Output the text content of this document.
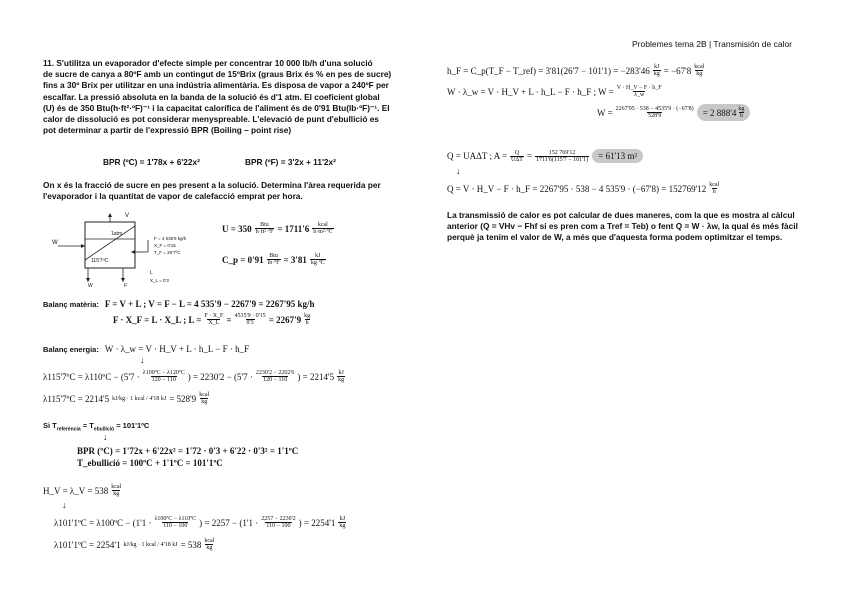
Problemes tema 2B | Transmisión de calor
11. S'utilitza un evaporador d'efecte simple per concentrar 10 000 lb/h d'una solució
de sucre de canya a 80ºF amb un contingut de 15ºBrix (graus Brix és % en pes de sucre)
fins a 30º Brix per utilitzar en una indústria alimentària. Es disposa de vapor a 240ºF per
escalfar. La pressió absoluta en la banda de la solució és d'1 atm. El coeficient global
(U) és de 350 Btu(h·ft²·ºF)⁻¹ i la capacitat calorífica de l'aliment és de 0'91 Btu(lb·ºF)⁻¹. El
calor de dissolució es pot considerar menyspreable. L'elevació de punt d'ebullició es
pot determinar a partir de l'expressió BPR (Boiling – point rise)
BPR (ºC) = 1'78x + 6'22x²	BPR (ºF) = 3'2x + 11'2x²
On x és la fracció de sucre en pes present a la solució. Determina l'àrea requerida per
l'evaporador i la quantitat de vapor de calefacció emprat per hora.
V
W
1atm
115'7ºC
F = 4 535'9 kg/h
X_F = 0'15
T_F = 26'7ºC
L
X_L = 0'3
W	F
U = 350 Btu
h·ft²·ºF = 1711'6 kcal
h·m²·ºC
C_p = 0'91 Btu
lb·ºF = $3'81 \frac{kJ}{\text{kg·ºC}}$
Balanç matèria: F = V + L ; V = F − L = 4 535'9 − 2267'9 = 2267'95 kg/h
F · X_F = L · X_L ; $L = \frac{F \cdot X\_F}{X\_L} = \frac{4535'9 \cdot 0'15}{0'3} = 2267'9 \frac{kg}{h}$
Balanç energia: W · λ_w = V · H_V + L · h_L − F · h_F
↓
λ115'7ºC = λ110ºC − ($5'7 \cdot \frac{\text{λ100ºC − λ120ºC}}{120 - 110}$ ) = 2230'2 − (5'7 · 2230'2 − 2202'6
120 − 110 ) = $2214'5 \frac{kJ}{kg}$
λ115'7ºC = 2214'5 kJ/kg · 1 kcal / 4'18 kJ = 528'9 kcal
kg
Si $T_{referència} = T_{ebullició}$ = 101'1ºC
↓
BPR (ºC) = 1'72x + 6'22x² = 1'72 · 0'3 + 6'22 · 0'3² = 1'1ºC
T_ebullició = 100ºC + 1'1ºC = 101'1ºC
H_V = λ_V = 538 kcal
kg
↓
λ101'1ºC = λ100ºC − ($1'1 \cdot \frac{\text{λ100ºC − λ110ºC}}{110 - 100}$ ) = 2257 − (1'1 · 2257 − 2230'2
110 − 100 ) = $2254'1 \frac{kJ}{kg}$
λ101'1ºC = 2254'1 kJ/kg · 1 kcal / 4'18 kJ = 538 kcal
kg
h_F = C_p(T_F − T_ref) = $3'81(26'7 - 101'1) = -283'46 \frac{kJ}{kg} = -67'8$ kcal
kg
W · λ_w = V · H_V + L · h_L − F · h_F ; $W = \frac{V \cdot H\_V - F \cdot h\_F}{\lambda\_w}$
$W = \frac{2267'95 \cdot 538 - 4535'9 \cdot (-67'8)}{528'9} = 2$ $888'4 \frac{kg}{h}$
Q = UAΔT ; A = Q
$U\Delta T = \frac{152 769'12}{1711'6(115'7 - 101'1)}$	= 61'13 m²
↓
Q = V · H_V − F · h_F = 2267'95 · 538 − 4 535'9 · (−67'8) = 152769'12 kcal
h
La transmissió de calor es pot calcular de dues maneres, com la que es mostra al càlcul
anterior (Q = VHv − Fhf si es pren com a Tref = Teb) o fent Q = W · λw, la qual és més fàcil
perquè ja tenim el valor de W, a més que d'aquesta forma podem optimitzar el temps.
